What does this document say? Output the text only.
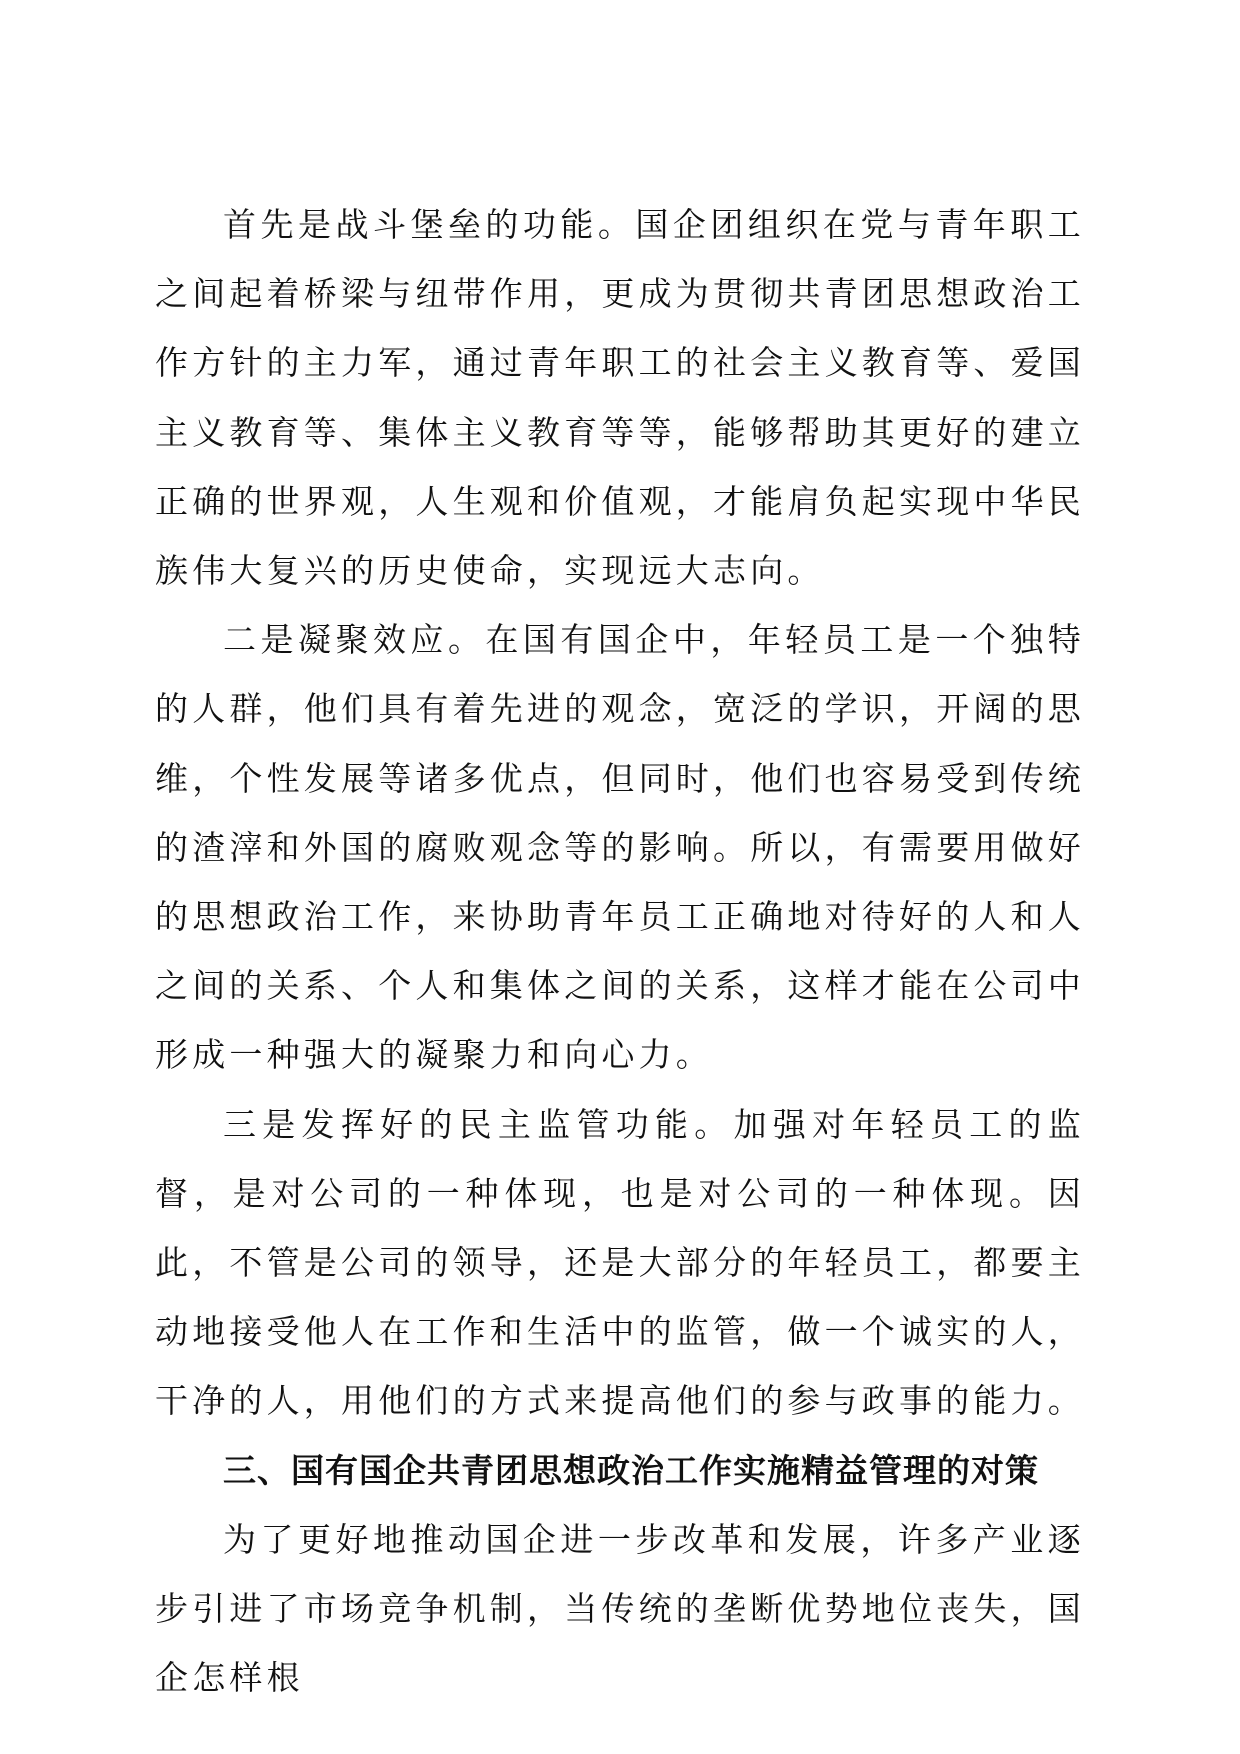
首先是战斗堡垒的功能。国企团组织在党与青年职工之间起着桥梁与纽带作用，更成为贯彻共青团思想政治工作方针的主力军，通过青年职工的社会主义教育等、爱国主义教育等、集体主义教育等等，能够帮助其更好的建立正确的世界观，人生观和价值观，才能肩负起实现中华民族伟大复兴的历史使命，实现远大志向。

二是凝聚效应。在国有国企中，年轻员工是一个独特的人群，他们具有着先进的观念，宽泛的学识，开阔的思维，个性发展等诸多优点，但同时，他们也容易受到传统的渣滓和外国的腐败观念等的影响。所以，有需要用做好的思想政治工作，来协助青年员工正确地对待好的人和人之间的关系、个人和集体之间的关系，这样才能在公司中形成一种强大的凝聚力和向心力。

三是发挥好的民主监管功能。加强对年轻员工的监督，是对公司的一种体现，也是对公司的一种体现。因此，不管是公司的领导，还是大部分的年轻员工，都要主动地接受他人在工作和生活中的监管，做一个诚实的人，干净的人，用他们的方式来提高他们的参与政事的能力。

三、国有国企共青团思想政治工作实施精益管理的对策

为了更好地推动国企进一步改革和发展，许多产业逐步引进了市场竞争机制，当传统的垄断优势地位丧失，国企怎样根
